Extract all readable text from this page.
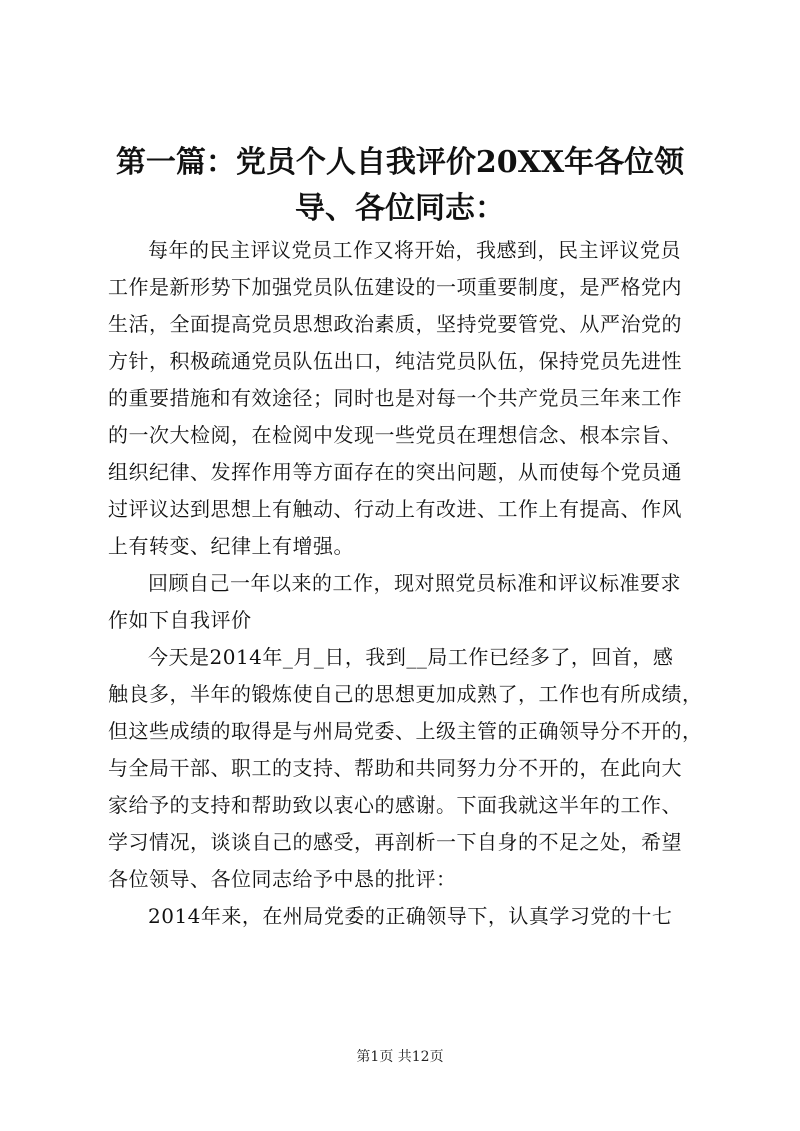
第一篇：党员个人自我评价20XX年各位领
导、各位同志：
每年的民主评议党员工作又将开始，我感到，民主评议党员
工作是新形势下加强党员队伍建设的一项重要制度，是严格党内
生活，全面提高党员思想政治素质，坚持党要管党、从严治党的
方针，积极疏通党员队伍出口，纯洁党员队伍，保持党员先进性
的重要措施和有效途径；同时也是对每一个共产党员三年来工作
的一次大检阅，在检阅中发现一些党员在理想信念、根本宗旨、
组织纪律、发挥作用等方面存在的突出问题，从而使每个党员通
过评议达到思想上有触动、行动上有改进、工作上有提高、作风
上有转变、纪律上有增强。
回顾自己一年以来的工作，现对照党员标准和评议标准要求
作如下自我评价
今天是2014年_月_日，我到__局工作已经多了，回首，感
触良多，半年的锻炼使自己的思想更加成熟了，工作也有所成绩，
但这些成绩的取得是与州局党委、上级主管的正确领导分不开的，
与全局干部、职工的支持、帮助和共同努力分不开的，在此向大
家给予的支持和帮助致以衷心的感谢。下面我就这半年的工作、
学习情况，谈谈自己的感受，再剖析一下自身的不足之处，希望
各位领导、各位同志给予中恳的批评：
2014年来，在州局党委的正确领导下，认真学习党的十七
第1页 共12页
